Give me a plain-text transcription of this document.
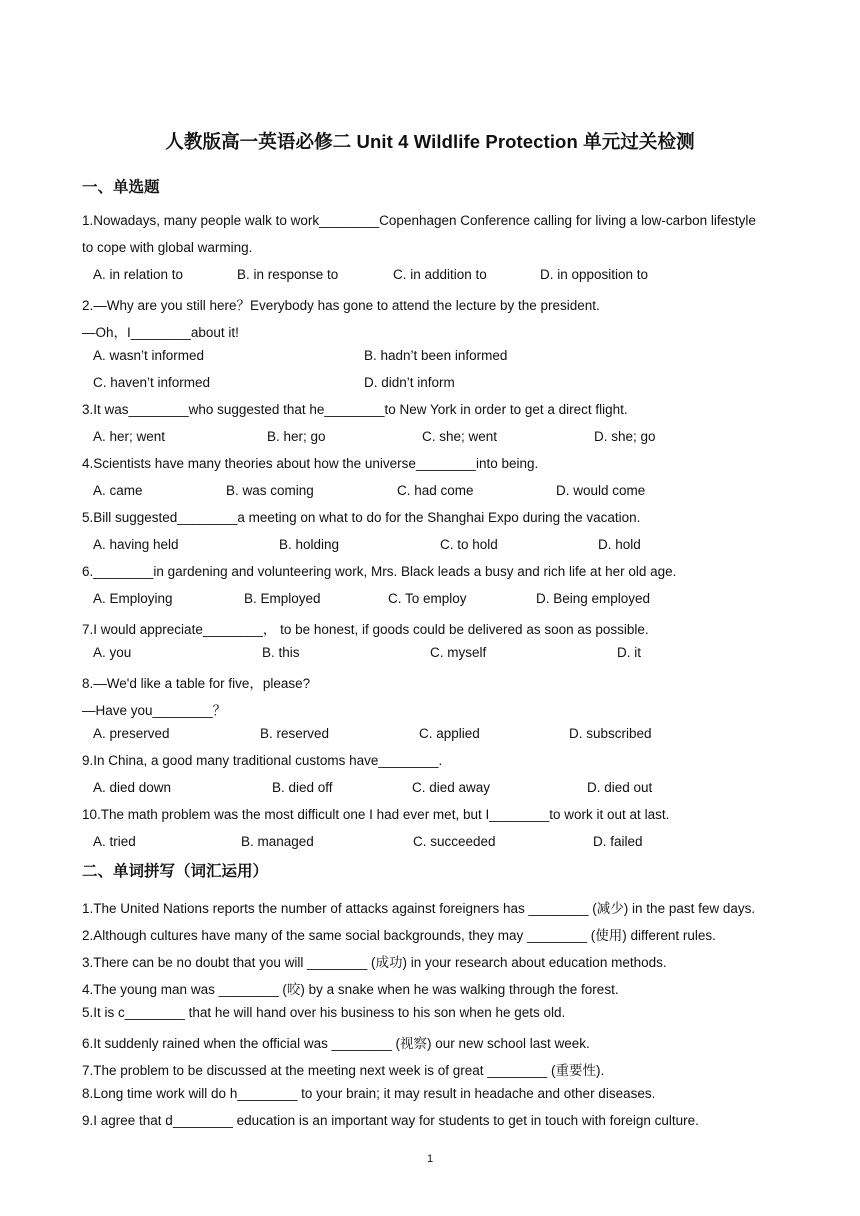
人教版高一英语必修二 Unit 4 Wildlife Protection 单元过关检测
一、单选题
1.Nowadays, many people walk to work________Copenhagen Conference calling for living a low-carbon lifestyle
to cope with global warming.
A. in relation to	B. in response to	C. in addition to	D. in opposition to
2.—Why are you still here？Everybody has gone to attend the lecture by the president.
—Oh，I________about it!
A. wasn’t informed	B. hadn’t been informed
C. haven’t informed	D. didn’t inform
3.It was________who suggested that he________to New York in order to get a direct flight.
A. her; went	B. her; go	C. she; went	D. she; go
4.Scientists have many theories about how the universe________into being.
A. came	B. was coming	C. had come	D. would come
5.Bill suggested________a meeting on what to do for the Shanghai Expo during the vacation.
A. having held	B. holding	C. to hold	D. hold
6.________in gardening and volunteering work, Mrs. Black leads a busy and rich life at her old age.
A. Employing	B. Employed	C. To employ	D. Being employed
7.I would appreciate________， to be honest, if goods could be delivered as soon as possible.
A. you	B. this	C. myself	D. it
8.—We'd like a table for five，please?
—Have you________？
A. preserved	B. reserved	C. applied	D. subscribed
9.In China, a good many traditional customs have________.
A. died down	B. died off	C. died away	D. died out
10.The math problem was the most difficult one I had ever met, but I________to work it out at last.
A. tried	B. managed	C. succeeded	D. failed
二、单词拼写（词汇运用）
1.The United Nations reports the number of attacks against foreigners has ________ (减少) in the past few days.
2.Although cultures have many of the same social backgrounds, they may ________ (使用) different rules.
3.There can be no doubt that you will ________ (成功) in your research about education methods.
4.The young man was ________ (咬) by a snake when he was walking through the forest.
5.It is c________ that he will hand over his business to his son when he gets old.
6.It suddenly rained when the official was ________ (视察) our new school last week.
7.The problem to be discussed at the meeting next week is of great ________ (重要性).
8.Long time work will do h________ to your brain; it may result in headache and other diseases.
9.I agree that d________ education is an important way for students to get in touch with foreign culture.
1
